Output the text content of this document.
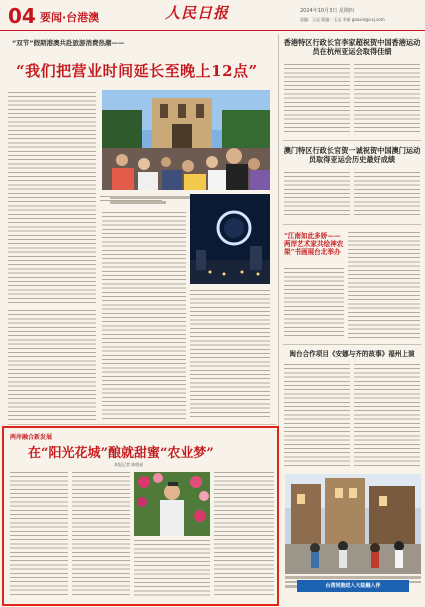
04 要闻·台港澳	人民日报	2024年10月3日 星期四
责编：王远 版编：王远 李丽 gaoxin@cxj.com
“双节”假期港澳共赴旅游消费热潮——
“我们把营业时间延长至晚上12点”
香港特区行政长官李家超祝贺中国香港运动员在杭州亚运会取得佳绩
澳门特区行政长官贺一诚祝贺中国澳门运动员取得亚运会历史最好成绩
“江南如此多娇——两岸艺术家共绘神农架”书画展台北举办
闽台合作项目《安娜与齐的故事》福州上演
两岸融合新发展
在“阳光花城”酿就甜蜜“农业梦”
本报记者 陈晓星
台湾同胞进入大陆融入伴
